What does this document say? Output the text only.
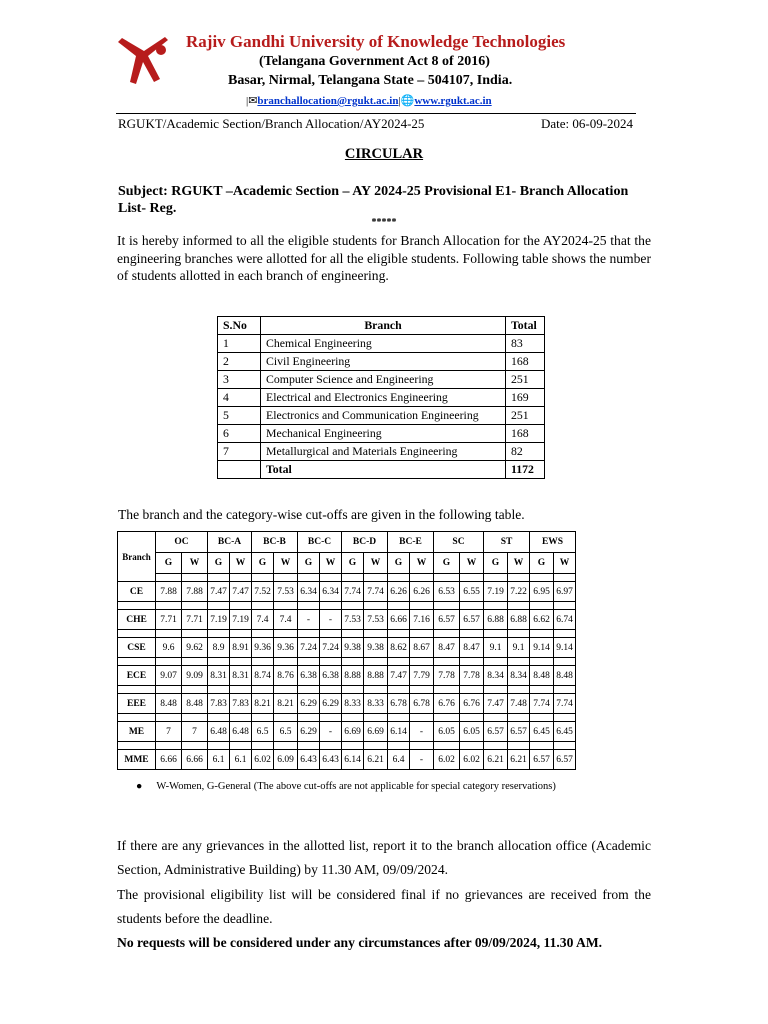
Rajiv Gandhi University of Knowledge Technologies
(Telangana Government Act 8 of 2016)
Basar, Nirmal, Telangana State – 504107, India.
|✉branchallocation@rgukt.ac.in|🌐www.rgukt.ac.in
RGUKT/Academic Section/Branch Allocation/AY2024-25	Date: 06-09-2024
CIRCULAR
Subject: RGUKT –Academic Section – AY 2024-25 Provisional E1- Branch Allocation List- Reg.
*****
It is hereby informed to all the eligible students for Branch Allocation for the AY2024-25 that the engineering branches were allotted for all the eligible students. Following table shows the number of students allotted in each branch of engineering.
S.No	Branch	Total
1	Chemical Engineering	83
2	Civil Engineering	168
3	Computer Science and Engineering	251
4	Electrical and Electronics Engineering	169
5	Electronics and Communication Engineering	251
6	Mechanical Engineering	168
7	Metallurgical and Materials Engineering	82
	Total	1172
The branch and the category-wise cut-offs are given in the following table.
Branch	OC		BC-A		BC-B		BC-C		BC-D		BC-E		SC		ST		EWS	
	G	W	G	W	G	W	G	W	G	W	G	W	G	W	G	W	G	W

CE	7.88	7.88	7.47	7.47	7.52	7.53	6.34	6.34	7.74	7.74	6.26	6.26	6.53	6.55	7.19	7.22	6.95	6.97

CHE	7.71	7.71	7.19	7.19	7.4	7.4	-	-	7.53	7.53	6.66	7.16	6.57	6.57	6.88	6.88	6.62	6.74

CSE	9.6	9.62	8.9	8.91	9.36	9.36	7.24	7.24	9.38	9.38	8.62	8.67	8.47	8.47	9.1	9.1	9.14	9.14

ECE	9.07	9.09	8.31	8.31	8.74	8.76	6.38	6.38	8.88	8.88	7.47	7.79	7.78	7.78	8.34	8.34	8.48	8.48

EEE	8.48	8.48	7.83	7.83	8.21	8.21	6.29	6.29	8.33	8.33	6.78	6.78	6.76	6.76	7.47	7.48	7.74	7.74

ME	7	7	6.48	6.48	6.5	6.5	6.29	-	6.69	6.69	6.14	-	6.05	6.05	6.57	6.57	6.45	6.45

MME	6.66	6.66	6.1	6.1	6.02	6.09	6.43	6.43	6.14	6.21	6.4	-	6.02	6.02	6.21	6.21	6.57	6.57
● W-Women, G-General (The above cut-offs are not applicable for special category reservations)
If there are any grievances in the allotted list, report it to the branch allocation office (Academic Section, Administrative Building) by 11.30 AM, 09/09/2024.
The provisional eligibility list will be considered final if no grievances are received from the students before the deadline.
No requests will be considered under any circumstances after 09/09/2024, 11.30 AM.
